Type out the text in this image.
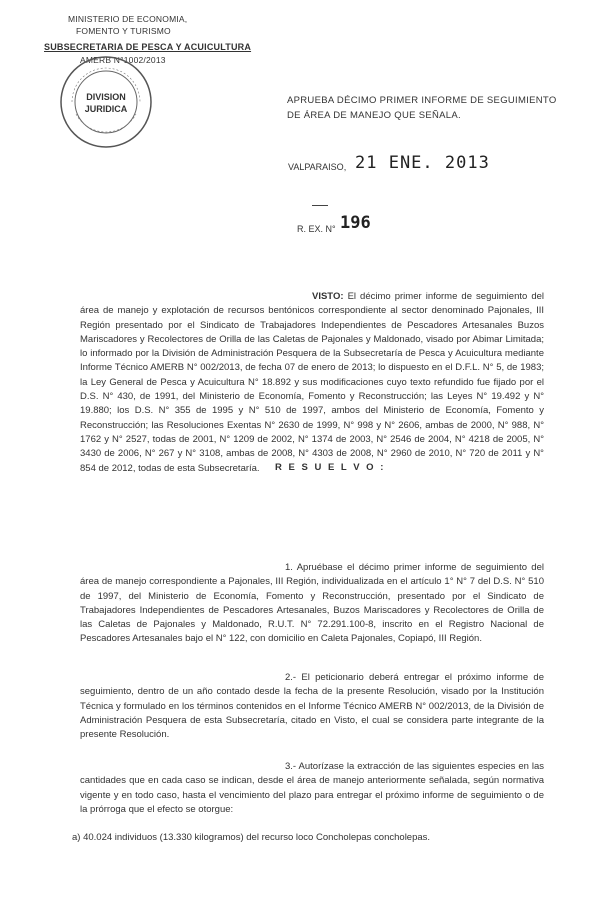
MINISTERIO DE ECONOMIA,
FOMENTO Y TURISMO
SUBSECRETARIA DE PESCA Y ACUICULTURA
AMERB N°1002/2013
DIVISION
JURIDICA
APRUEBA DÉCIMO PRIMER INFORME DE SEGUIMIENTO DE ÁREA DE MANEJO QUE SEÑALA.
VALPARAISO, 21 ENE. 2013
R. EX. N° 196
VISTO: El décimo primer informe de seguimiento del área de manejo y explotación de recursos bentónicos correspondiente al sector denominado Pajonales, III Región presentado por el Sindicato de Trabajadores Independientes de Pescadores Artesanales Buzos Mariscadores y Recolectores de Orilla de las Caletas de Pajonales y Maldonado, visado por Abimar Limitada; lo informado por la División de Administración Pesquera de la Subsecretaría de Pesca y Acuicultura mediante Informe Técnico AMERB N° 002/2013, de fecha 07 de enero de 2013; lo dispuesto en el D.F.L. N° 5, de 1983; la Ley General de Pesca y Acuicultura N° 18.892 y sus modificaciones cuyo texto refundido fue fijado por el D.S. N° 430, de 1991, del Ministerio de Economía, Fomento y Reconstrucción; las Leyes N° 19.492 y N° 19.880; los D.S. N° 355 de 1995 y N° 510 de 1997, ambos del Ministerio de Economía, Fomento y Reconstrucción; las Resoluciones Exentas N° 2630 de 1999, N° 998 y N° 2606, ambas de 2000, N° 988, N° 1762 y N° 2527, todas de 2001, N° 1209 de 2002, N° 1374 de 2003, N° 2546 de 2004, N° 4218 de 2005, N° 3430 de 2006, N° 267 y N° 3108, ambas de 2008, N° 4303 de 2008, N° 2960 de 2010, N° 720 de 2011 y N° 854 de 2012, todas de esta Subsecretaría.	R E S U E L V O :
1. Apruébase el décimo primer informe de seguimiento del área de manejo correspondiente a Pajonales, III Región, individualizada en el artículo 1° N° 7 del D.S. N° 510 de 1997, del Ministerio de Economía, Fomento y Reconstrucción, presentado por el Sindicato de Trabajadores Independientes de Pescadores Artesanales, Buzos Mariscadores y Recolectores de Orilla de las Caletas de Pajonales y Maldonado, R.U.T. N° 72.291.100-8, inscrito en el Registro Nacional de Pescadores Artesanales bajo el N° 122, con domicilio en Caleta Pajonales, Copiapó, III Región.
2.- El peticionario deberá entregar el próximo informe de seguimiento, dentro de un año contado desde la fecha de la presente Resolución, visado por la Institución Técnica y formulado en los términos contenidos en el Informe Técnico AMERB N° 002/2013, de la División de Administración Pesquera de esta Subsecretaría, citado en Visto, el cual se considera parte integrante de la presente Resolución.
3.- Autorízase la extracción de las siguientes especies en las cantidades que en cada caso se indican, desde el área de manejo anteriormente señalada, según normativa vigente y en todo caso, hasta el vencimiento del plazo para entregar el próximo informe de seguimiento o de la prórroga que el efecto se otorgue:
a) 40.024 individuos (13.330 kilogramos) del recurso loco Concholepas concholepas.
